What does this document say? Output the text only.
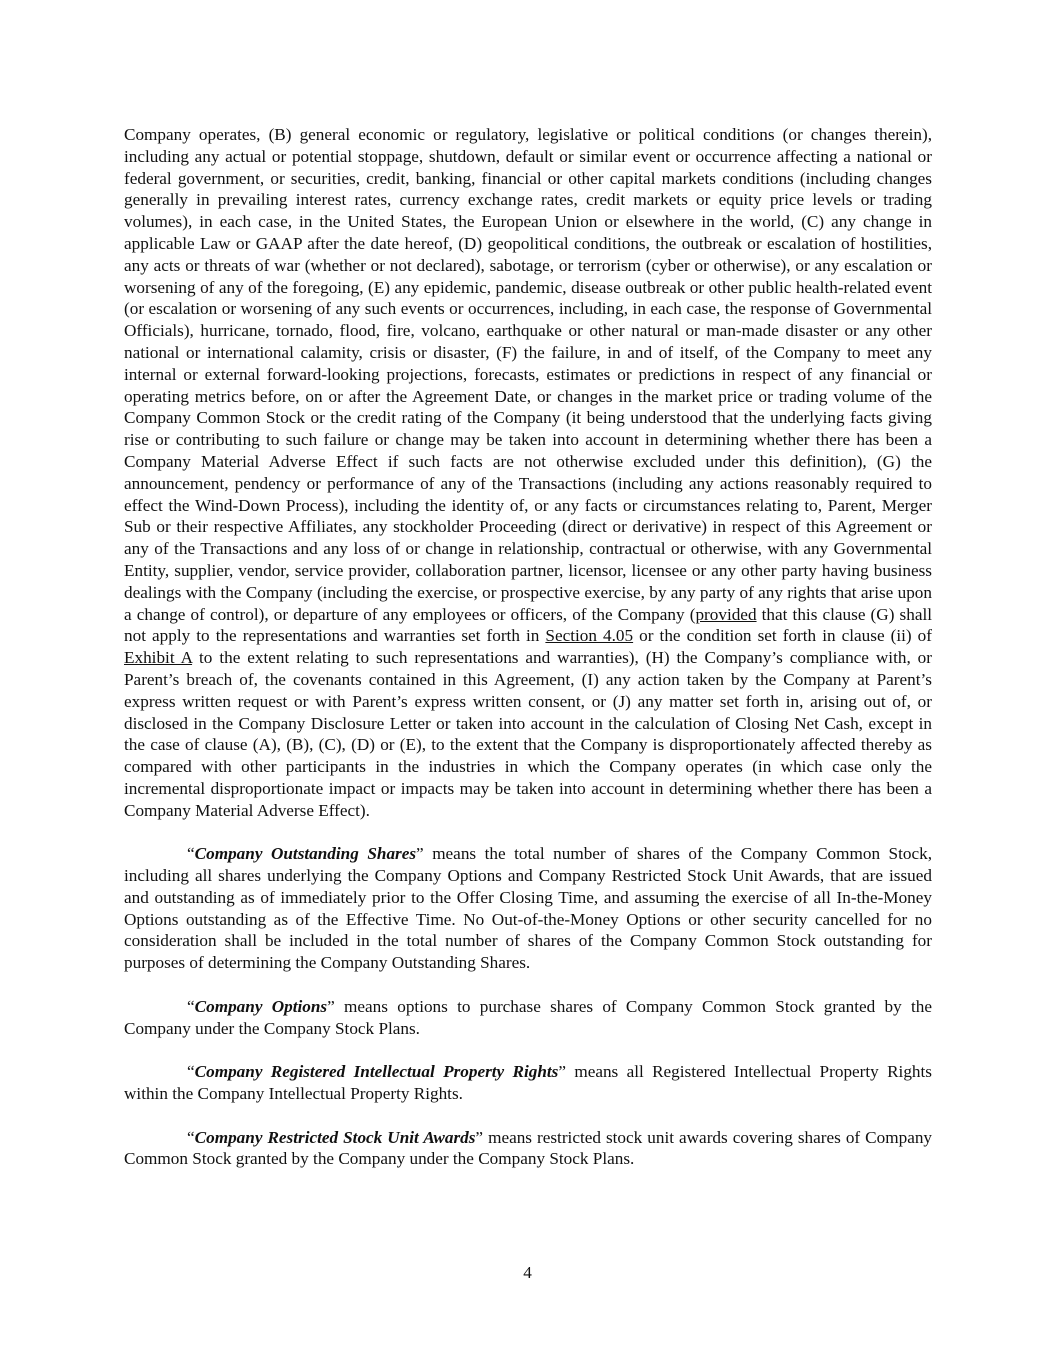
Company operates, (B) general economic or regulatory, legislative or political conditions (or changes therein), including any actual or potential stoppage, shutdown, default or similar event or occurrence affecting a national or federal government, or securities, credit, banking, financial or other capital markets conditions (including changes generally in prevailing interest rates, currency exchange rates, credit markets or equity price levels or trading volumes), in each case, in the United States, the European Union or elsewhere in the world, (C) any change in applicable Law or GAAP after the date hereof, (D) geopolitical conditions, the outbreak or escalation of hostilities, any acts or threats of war (whether or not declared), sabotage, or terrorism (cyber or otherwise), or any escalation or worsening of any of the foregoing, (E) any epidemic, pandemic, disease outbreak or other public health-related event (or escalation or worsening of any such events or occurrences, including, in each case, the response of Governmental Officials), hurricane, tornado, flood, fire, volcano, earthquake or other natural or man-made disaster or any other national or international calamity, crisis or disaster, (F) the failure, in and of itself, of the Company to meet any internal or external forward-looking projections, forecasts, estimates or predictions in respect of any financial or operating metrics before, on or after the Agreement Date, or changes in the market price or trading volume of the Company Common Stock or the credit rating of the Company (it being understood that the underlying facts giving rise or contributing to such failure or change may be taken into account in determining whether there has been a Company Material Adverse Effect if such facts are not otherwise excluded under this definition), (G) the announcement, pendency or performance of any of the Transactions (including any actions reasonably required to effect the Wind-Down Process), including the identity of, or any facts or circumstances relating to, Parent, Merger Sub or their respective Affiliates, any stockholder Proceeding (direct or derivative) in respect of this Agreement or any of the Transactions and any loss of or change in relationship, contractual or otherwise, with any Governmental Entity, supplier, vendor, service provider, collaboration partner, licensor, licensee or any other party having business dealings with the Company (including the exercise, or prospective exercise, by any party of any rights that arise upon a change of control), or departure of any employees or officers, of the Company (provided that this clause (G) shall not apply to the representations and warranties set forth in Section 4.05 or the condition set forth in clause (ii) of Exhibit A to the extent relating to such representations and warranties), (H) the Company’s compliance with, or Parent’s breach of, the covenants contained in this Agreement, (I) any action taken by the Company at Parent’s express written request or with Parent’s express written consent, or (J) any matter set forth in, arising out of, or disclosed in the Company Disclosure Letter or taken into account in the calculation of Closing Net Cash, except in the case of clause (A), (B), (C), (D) or (E), to the extent that the Company is disproportionately affected thereby as compared with other participants in the industries in which the Company operates (in which case only the incremental disproportionate impact or impacts may be taken into account in determining whether there has been a Company Material Adverse Effect).

“Company Outstanding Shares” means the total number of shares of the Company Common Stock, including all shares underlying the Company Options and Company Restricted Stock Unit Awards, that are issued and outstanding as of immediately prior to the Offer Closing Time, and assuming the exercise of all In-the-Money Options outstanding as of the Effective Time. No Out-of-the-Money Options or other security cancelled for no consideration shall be included in the total number of shares of the Company Common Stock outstanding for purposes of determining the Company Outstanding Shares.

“Company Options” means options to purchase shares of Company Common Stock granted by the Company under the Company Stock Plans.

“Company Registered Intellectual Property Rights” means all Registered Intellectual Property Rights within the Company Intellectual Property Rights.

“Company Restricted Stock Unit Awards” means restricted stock unit awards covering shares of Company Common Stock granted by the Company under the Company Stock Plans.

4
